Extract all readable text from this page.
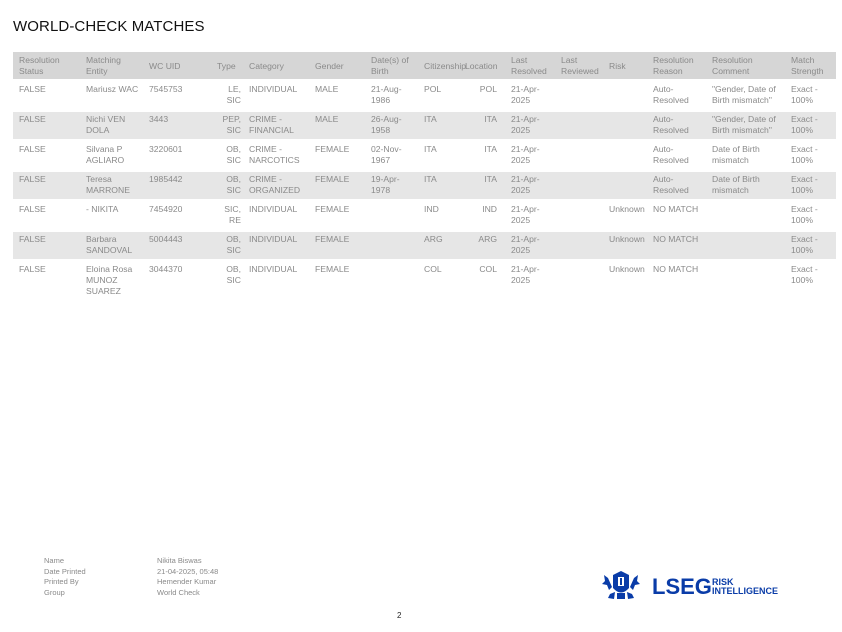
WORLD-CHECK MATCHES
Resolution Status	Matching Entity	WC UID	Type	Category	Gender	Date(s) of Birth	Citizenship	Location	Last Resolved	Last Reviewed	Risk	Resolution Reason	Resolution Comment	Match Strength
FALSE	Mariusz WAC	7545753	LE, SIC	INDIVIDUAL	MALE	21-Aug-1986	POL	POL	21-Apr-2025			Auto-Resolved	"Gender, Date of Birth mismatch"	Exact - 100%
FALSE	Nichi VEN DOLA	3443	PEP, SIC	CRIME - FINANCIAL	MALE	26-Aug-1958	ITA	ITA	21-Apr-2025			Auto-Resolved	"Gender, Date of Birth mismatch"	Exact - 100%
FALSE	Silvana P AGLIARO	3220601	OB, SIC	CRIME - NARCOTICS	FEMALE	02-Nov-1967	ITA	ITA	21-Apr-2025			Auto-Resolved	Date of Birth mismatch	Exact - 100%
FALSE	Teresa MARRONE	1985442	OB, SIC	CRIME - ORGANIZED	FEMALE	19-Apr-1978	ITA	ITA	21-Apr-2025			Auto-Resolved	Date of Birth mismatch	Exact - 100%
FALSE	- NIKITA	7454920	SIC, RE	INDIVIDUAL	FEMALE		IND	IND	21-Apr-2025		Unknown	NO MATCH		Exact - 100%
FALSE	Barbara SANDOVAL	5004443	OB, SIC	INDIVIDUAL	FEMALE		ARG	ARG	21-Apr-2025		Unknown	NO MATCH		Exact - 100%
FALSE	Eloina Rosa MUNOZ SUAREZ	3044370	OB, SIC	INDIVIDUAL	FEMALE		COL	COL	21-Apr-2025		Unknown	NO MATCH		Exact - 100%
Name	Nikita Biswas
Date Printed	21-04-2025, 05:48
Printed By	Hemender Kumar
Group	World Check	LSEG RISK
INTELLIGENCE
2
